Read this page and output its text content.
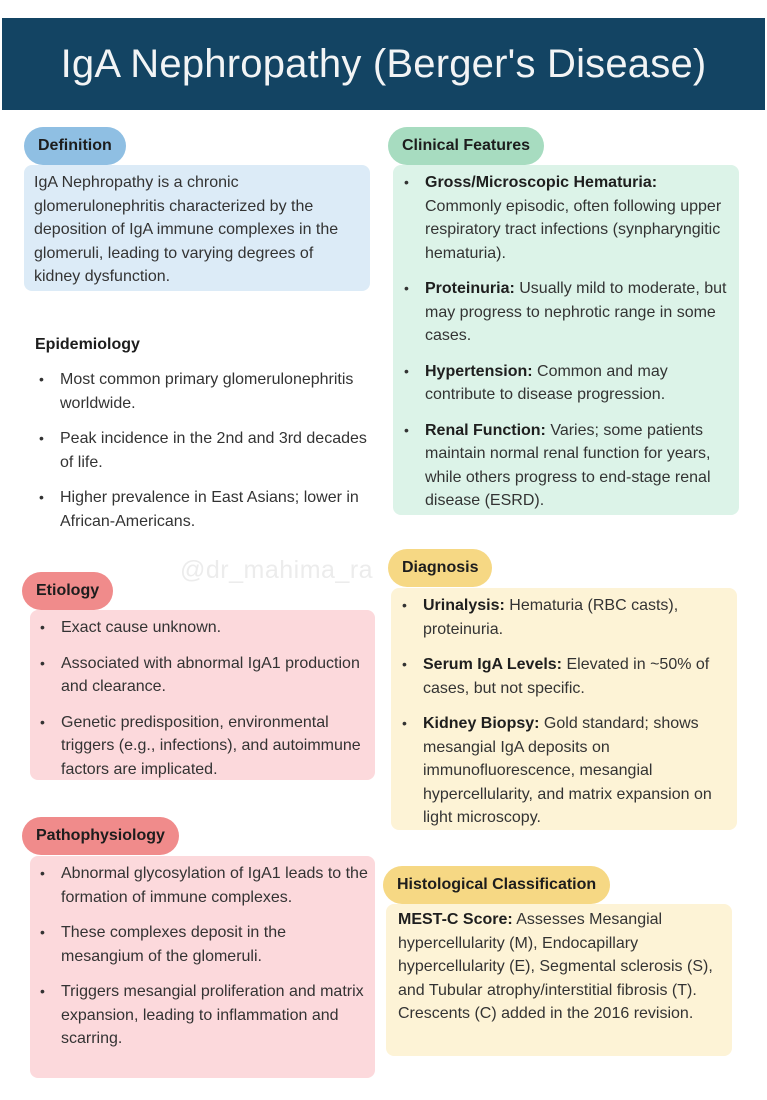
IgA Nephropathy (Berger's Disease)
@dr_mahima_ra
Definition
IgA Nephropathy is a chronic glomerulonephritis characterized by the deposition of IgA immune complexes in the glomeruli, leading to varying degrees of kidney dysfunction.
Epidemiology
• Most common primary glomerulonephritis worldwide.
• Peak incidence in the 2nd and 3rd decades of life.
• Higher prevalence in East Asians; lower in African-Americans.
Etiology
• Exact cause unknown.
• Associated with abnormal IgA1 production and clearance.
• Genetic predisposition, environmental triggers (e.g., infections), and autoimmune factors are implicated.
Pathophysiology
• Abnormal glycosylation of IgA1 leads to the formation of immune complexes.
• These complexes deposit in the mesangium of the glomeruli.
• Triggers mesangial proliferation and matrix expansion, leading to inflammation and scarring.
Clinical Features
• Gross/Microscopic Hematuria: Commonly episodic, often following upper respiratory tract infections (synpharyngitic hematuria).
• Proteinuria: Usually mild to moderate, but may progress to nephrotic range in some cases.
• Hypertension: Common and may contribute to disease progression.
• Renal Function: Varies; some patients maintain normal renal function for years, while others progress to end-stage renal disease (ESRD).
Diagnosis
• Urinalysis: Hematuria (RBC casts), proteinuria.
• Serum IgA Levels: Elevated in ~50% of cases, but not specific.
• Kidney Biopsy: Gold standard; shows mesangial IgA deposits on immunofluorescence, mesangial hypercellularity, and matrix expansion on light microscopy.
Histological Classification
MEST-C Score: Assesses Mesangial hypercellularity (M), Endocapillary hypercellularity (E), Segmental sclerosis (S), and Tubular atrophy/interstitial fibrosis (T). Crescents (C) added in the 2016 revision.
